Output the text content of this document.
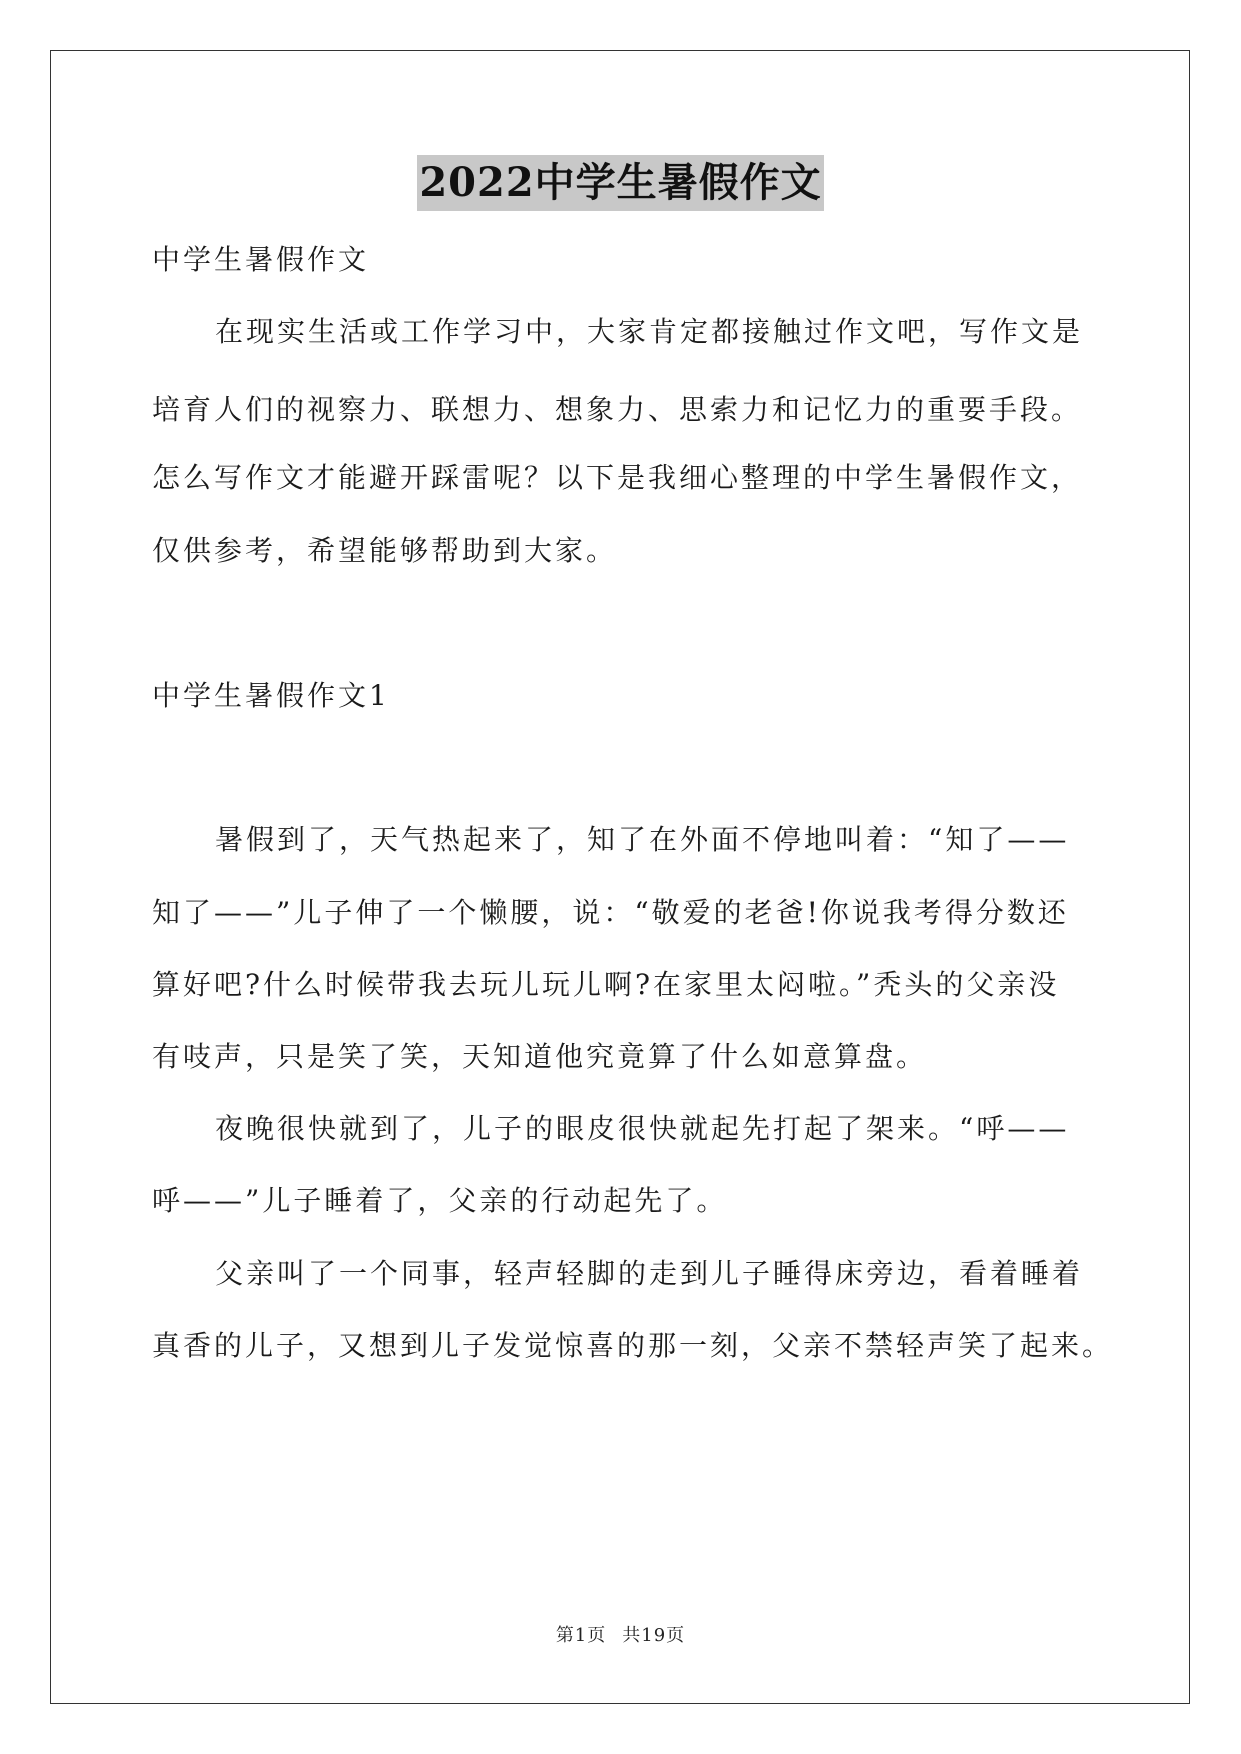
2022中学生暑假作文
中学生暑假作文
在现实生活或工作学习中，大家肯定都接触过作文吧，写作文是
培育人们的视察力、联想力、想象力、思索力和记忆力的重要手段。
怎么写作文才能避开踩雷呢？以下是我细心整理的中学生暑假作文，
仅供参考，希望能够帮助到大家。
中学生暑假作文1
暑假到了，天气热起来了，知了在外面不停地叫着：“知了——
知了——”儿子伸了一个懒腰，说：“敬爱的老爸!你说我考得分数还
算好吧?什么时候带我去玩儿玩儿啊?在家里太闷啦。”秃头的父亲没
有吱声，只是笑了笑，天知道他究竟算了什么如意算盘。
夜晚很快就到了，儿子的眼皮很快就起先打起了架来。“呼——
呼——”儿子睡着了，父亲的行动起先了。
父亲叫了一个同事，轻声轻脚的走到儿子睡得床旁边，看着睡着
真香的儿子，又想到儿子发觉惊喜的那一刻，父亲不禁轻声笑了起来。
第1页 共19页
